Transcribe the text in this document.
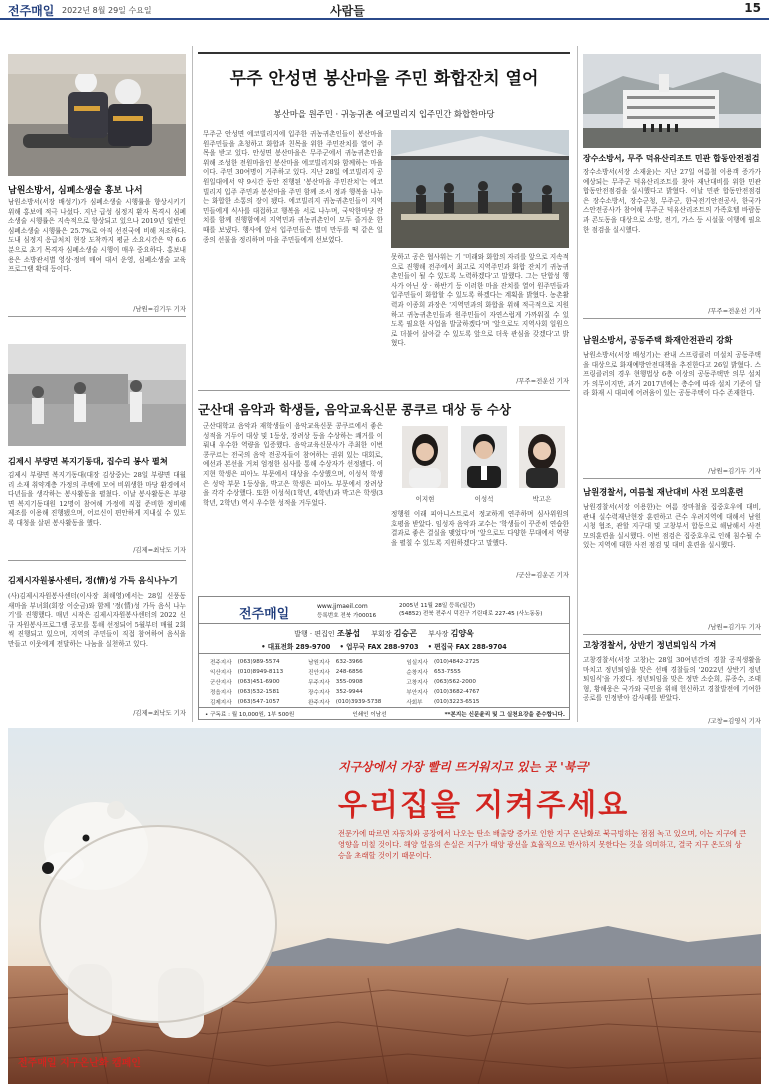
전주매일 2022년 8월 29일 수요일	사람들	15
남원소방서, 심폐소생술 홍보 나서
남원소방서(서장 배성기)가 심폐소생술 시행률을 향상시키기 위해 홍보에 적극 나섰다. 지난 급성 심정지 환자 목격시 심폐소생술 시행률은 지속적으로 향상되고 있으나 2019년 일반인 심폐소생술 시행률은 25.7%로 아직 선진국에 비해 저조하다. 도내 심정지 응급처치 현장 도착까지 평균 소요시간은 약 6.6분으로 초기 목격자 심폐소생술 시행이 매우 중요하다. 홍보내용은 소방관서별 영상·정비 매여 대서 운영, 심폐소생술 교육 프로그램 확대 등이다.
/남원=김기두 기자
김제시 부량면 복지기동대, 집수리 봉사 펼쳐
김제시 부량면 복지기동대(대장 김상중)는 28일 부량면 대월리 소재 취약계층 가정의 주택에 모여 비위생한 마당 환경에서 다년들을 생각하는 봉사활동을 펼쳤다. 이날 봉사활동은 부량면 복지기동대원 12명이 참여해 가정에 직접 준비한 정비해 제조를 이용해 진행됐으며, 어르신이 편안하게 지내실 수 있도록 대청을 살핀 봉사활동을 했다.
/김제=최낙도 기자
김제시자원봉사센터, 정(情)성 가득 음식나누기
(사)김제시자원봉사센터(이사장 최해영)에서는 28일 신풍동 새마을 부녀회(회장 이순금)와 함께 '정(情)성 가득 음식 나누기'를 진행했다. 매년 시작은 김제시자원봉사센터의 2022 신규 자원봉사프로그램 공모를 통해 선정되어 5월부터 매월 2회씩 진행되고 있으며, 지역의 주민들이 직접 참여하여 음식을 만들고 이웃에게 전달하는 나눔을 실천하고 있다.
/김제=최낙도 기자
무주 안성면 봉산마을 주민 화합잔치 열어
봉산마을 원주민 · 귀농귀촌 에코빌리지 입주민간 화합한마당
무주군 안성면 에코빌리지에 입주한 귀농귀촌인들이 봉산마을 원주민들을 초청하고 화합과 친목을 위한 주민잔치를 열어 주목을 받고 있다. 안성면 봉산마을은 무주군에서 귀농귀촌인을 위해 조성한 전원마을인 봉산마을 에코빌리지와 함께하는 마을이다. 주민 30여명이 거주하고 있다. 지난 28일 에코빌리지 공원일대에서 약 9시간 동안 진행된 '봉산마을 주민잔치'는 에코빌리지 입주 주민과 봉산마을 주민 함께 조서 정과 행복을 나누는 화합한 소통의 장이 됐다. 에코빌리지 귀농귀촌인들이 지역민들에게 식사를 대접하고 행복을 서로 나누며, 국악한마당 잔치를 함께 진행함에서 지역민과 귀농귀촌인이 모두 즐거운 한 때를 보냈다. 행사에 앞서 입주민들은 별미 만두를 떡 같은 일종의 선물을 정리하며 마을 주민들에게 선보였다.
못하고 공은 협사워는 기 '미래와 화합의 자리를 앞으로 지속적으로 진행해 전주에서 최고로 지역주민과 화합 잔치기 귀농귀촌인들이 될 수 있도록 노력하겠다'고 말했다. 그는 단합성 행사가 아닌 상 · 하반기 등 이러한 마을 잔치를 열어 원주민들과 입주민들이 화합할 수 있도록 하겠다는 계획을 밝혔다. 농촌활력과 이종희 과장은 '지역민과의 화합을 위해 적극적으로 지원하고 귀농귀촌인들과 원주민들이 자연스럽게 가까워질 수 있도록 필요한 사업을 발굴하겠다'며 '앞으로도 지역사회 일원으로 더불어 살아갈 수 있도록 앞으로 더욱 관심을 갖겠다'고 밝혔다.
/무주=전운선 기자
군산대 음악과 학생들, 음악교육신문 콩쿠르 대상 등 수상
군산대학교 음악과 재학생들이 음악교육신문 콩쿠르에서 좋은 성적을 거두어 대상 및 1등상, 장려상 등을 수상하는 쾌거를 이뤄내 우수한 역량을 입증했다. 음악교육신문사가 주최한 이번 콩쿠르는 전국의 음악 전공자들이 참여하는 권위 있는 대회로, 예선과 본선을 거쳐 엄정한 심사를 통해 수상자가 선정됐다. 이지현 학생은 피아노 부문에서 대상을 수상했으며, 이성석 학생은 성악 부문 1등상을, 박고은 학생은 피아노 부문에서 장려상을 각각 수상했다. 또한 이성석(1학년, 4학년)과 박고은 학생(3학년, 2학년) 역시 우수한 성적을 거두었다.	이지현	이성석	박고은
정행원 이래 피아니스트로서 정교하게 연주하며 심사위원의 호평을 받았다. 임성자 음악과 교수는 '학생들이 꾸준히 연습한 결과로 좋은 결실을 맺었다'며 '앞으로도 다양한 무대에서 역량을 펼칠 수 있도록 지원하겠다'고 말했다.
/군산=김운곤 기자
전주매일
www.jjmaeil.com
등록번호 전북 가00016
2005년 11월 28일 등록(일간)
(54852) 전북 전주시 덕진구 기린대로 227-45 (사노동동)
발행 · 편집인 조봉섭 부회장 김승곤 부사장 김양욱
• 대표전화 289-9700 • 업무국 FAX 288-9703 • 편집국 FAX 288-9704
전주지사	(063)989-5574	남원지사	632-3966	임실지사	(010)4842-2725
익산지사	(010)8949-8113	진안지사	248-6856	순창지사	653-7555
군산지사	(063)451-6900	무주지사	355-0908	고창지사	(063)562-2000
정읍지사	(063)532-1581	장수지사	352-9944	부안지사	(010)3682-4767
김제지사	(063)547-1057	완주지사	(010)3939-5738	사회부	(010)3223-6515
• 구독료 : 월 10,000원, 1부 500원	인쇄인 이남선	**본지는 신문윤리 및 그 실천요강을 준수합니다.
장수소방서, 무주 덕유산리조트 민관 합동안전점검
장수소방서(서장 소재윤)는 지난 27일 여름철 이용객 증가가 예상되는 무주군 덕유산리조트를 찾아 재난대비를 위한 민관 합동안전점검을 실시했다고 밝혔다. 이날 민관 합동안전점검은 장수소방서, 장수군청, 무주군, 한국전기안전공사, 한국가스안전공사가 참여해 무주군 덕유산리조트의 가족호텔 바람동과 콘도동을 대상으로 소방, 전기, 가스 등 시설물 이행에 필요한 점검을 실시했다.
/무주=전운선 기자
남원소방서, 공동주택 화재안전관리 강화
남원소방서(서장 배성기)는 관내 스프링클러 미설치 공동주택을 대상으로 화재예방안전대책을 추진한다고 26일 밝혔다. 스프링클러의 경우 현행법상 6층 이상의 공동주택만 의무 설치가 의무이지만, 과거 2017년에는 층수에 따라 설치 기준이 달라 화재 시 대피에 어려움이 있는 공동주택이 다수 존재한다.
/남원=김기두 기자
남원경찰서, 여름철 재난대비 사전 모의훈련
남원경찰서(서장 이용한)는 여름 장마철을 집중호우에 대비, 관내 실수력재난현장 훈련하고 큰수 우려지역에 대해서 남원시청 협조, 관할 지구대 및 고창부서 합동으로 해남해서 사전 모의훈련을 실시했다. 이번 점검은 집중호우로 인해 침수될 수 있는 지역에 대한 사전 점검 및 대비 훈련을 실시했다.
/남원=김기두 기자
고창경찰서, 상반기 정년퇴임식 가져
고창경찰서(서장 고창)는 28일 30여년간의 경찰 공직생활을 마치고 정년퇴임을 맞은 선배 경찰들의 '2022년 상반기 정년퇴임식'을 가졌다. 정년퇴임을 맞은 정만 소순희, 류종수, 조태형, 황해웅은 국가와 국민을 위해 헌신하고 경찰발전에 기여한 공로를 인정받아 감사패를 받았다.
/고창=김영식 기자
지구상에서 가장 빨리 뜨거워지고 있는 곳 '북극'
우리집을 지켜주세요
전문가에 따르면 자동차와 공장에서 나오는 탄소 배출량 증가로 인한 지구 온난화로 북극빙하는 점점 녹고 있으며, 이는 지구에 큰 영향을 미칠 것이다. 해양 얼음의 손실은 지구가 태양 광선을 효율적으로 반사하지 못한다는 것을 의미하고, 결국 지구 온도의 상승을 초래할 것이기 때문이다.
전주매일 지구온난화 캠페인
